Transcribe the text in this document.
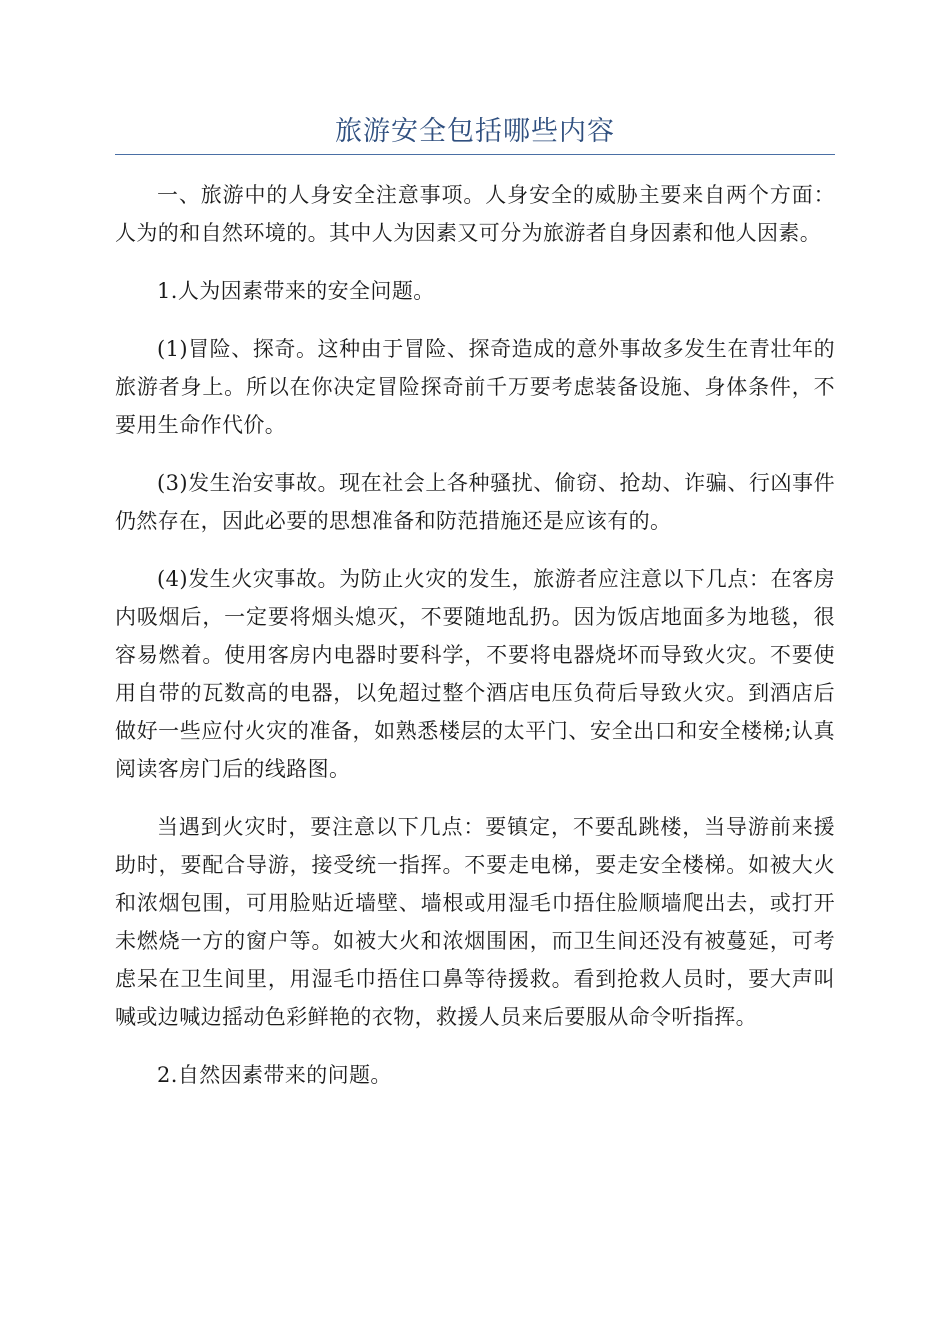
旅游安全包括哪些内容

一、旅游中的人身安全注意事项。人身安全的威胁主要来自两个方面：人为的和自然环境的。其中人为因素又可分为旅游者自身因素和他人因素。

1.人为因素带来的安全问题。

(1)冒险、探奇。这种由于冒险、探奇造成的意外事故多发生在青壮年的旅游者身上。所以在你决定冒险探奇前千万要考虑装备设施、身体条件，不要用生命作代价。

(3)发生治安事故。现在社会上各种骚扰、偷窃、抢劫、诈骗、行凶事件仍然存在，因此必要的思想准备和防范措施还是应该有的。

(4)发生火灾事故。为防止火灾的发生，旅游者应注意以下几点：在客房内吸烟后，一定要将烟头熄灭，不要随地乱扔。因为饭店地面多为地毯，很容易燃着。使用客房内电器时要科学，不要将电器烧坏而导致火灾。不要使用自带的瓦数高的电器，以免超过整个酒店电压负荷后导致火灾。到酒店后做好一些应付火灾的准备，如熟悉楼层的太平门、安全出口和安全楼梯;认真阅读客房门后的线路图。

当遇到火灾时，要注意以下几点：要镇定，不要乱跳楼，当导游前来援助时，要配合导游，接受统一指挥。不要走电梯，要走安全楼梯。如被大火和浓烟包围，可用脸贴近墙壁、墙根或用湿毛巾捂住脸顺墙爬出去，或打开未燃烧一方的窗户等。如被大火和浓烟围困，而卫生间还没有被蔓延，可考虑呆在卫生间里，用湿毛巾捂住口鼻等待援救。看到抢救人员时，要大声叫喊或边喊边摇动色彩鲜艳的衣物，救援人员来后要服从命令听指挥。

2.自然因素带来的问题。
